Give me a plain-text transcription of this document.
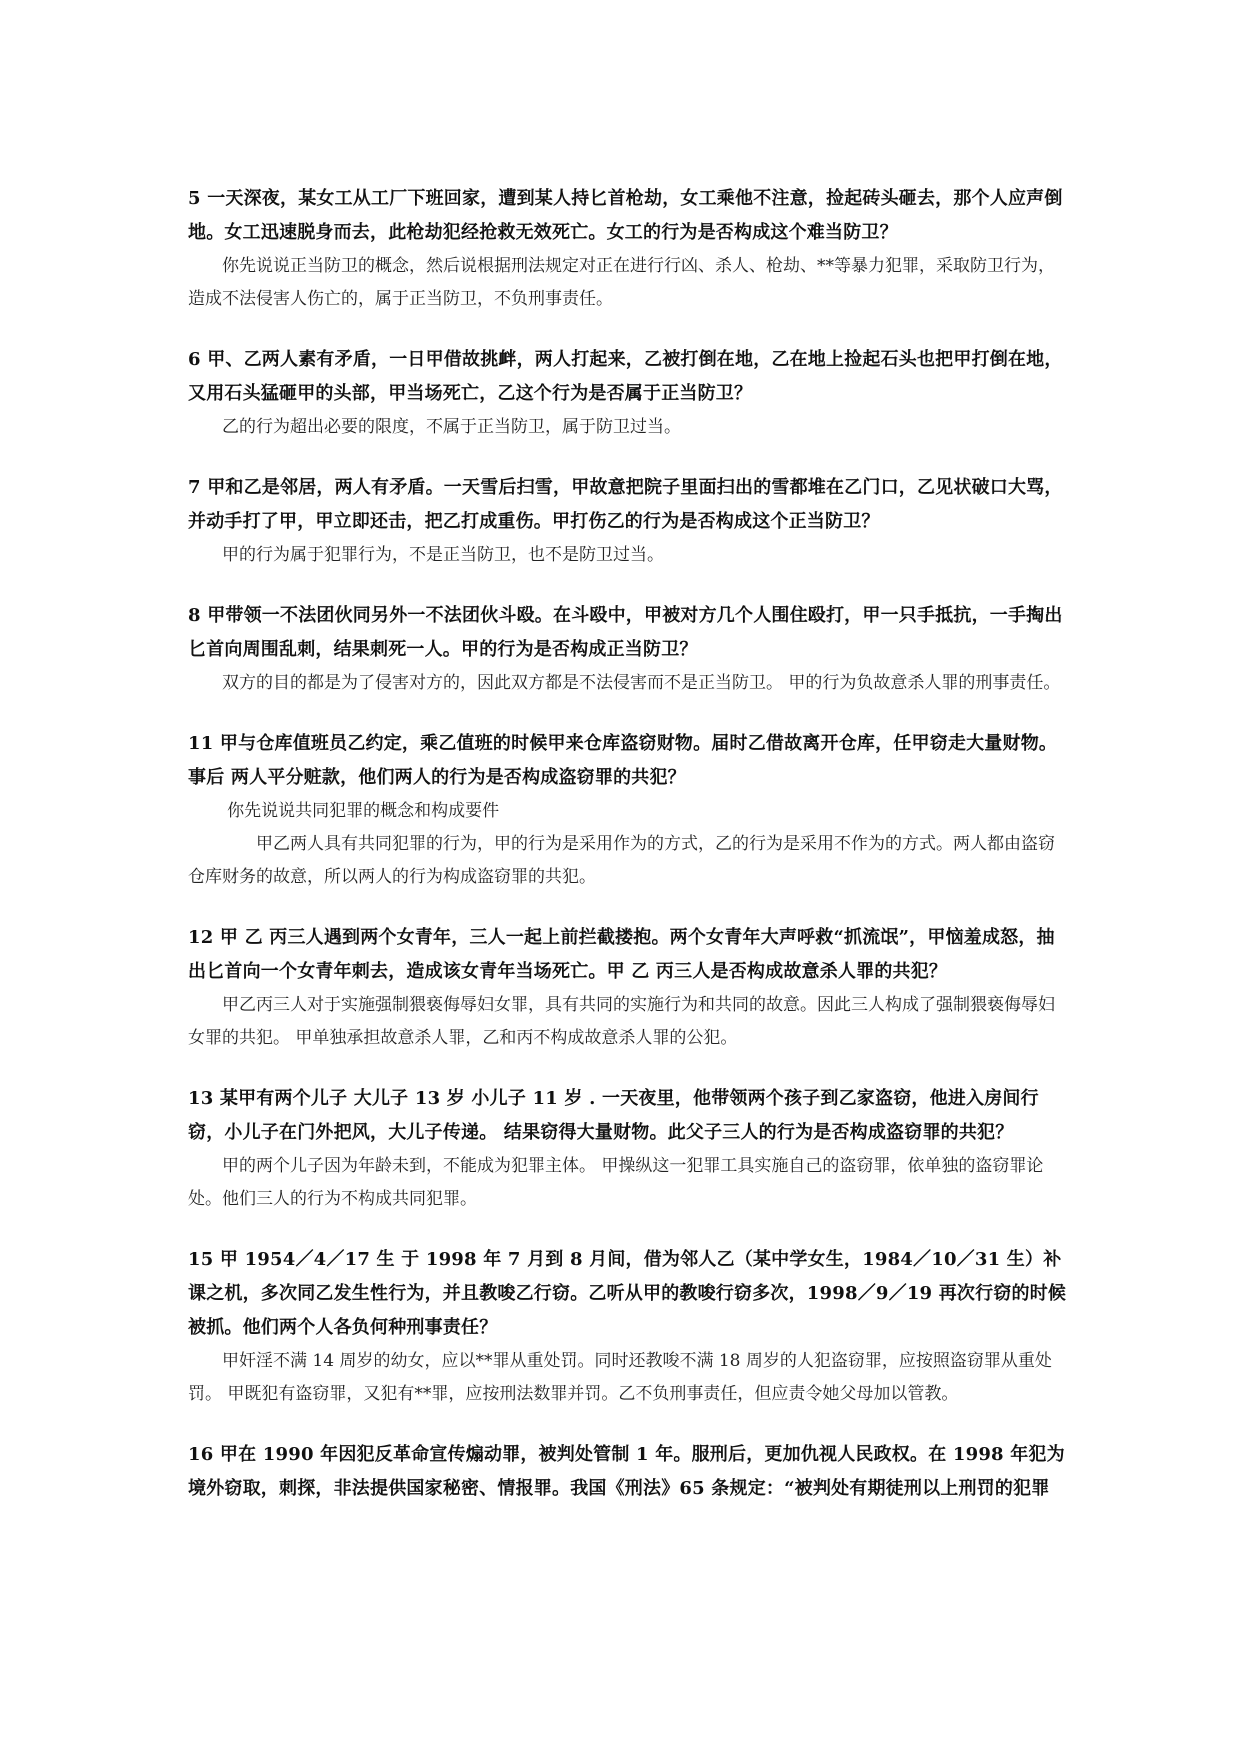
5 一天深夜，某女工从工厂下班回家，遭到某人持匕首枪劫，女工乘他不注意，捡起砖头砸去，那个人应声倒地。女工迅速脱身而去，此枪劫犯经抢救无效死亡。女工的行为是否构成这个难当防卫？

你先说说正当防卫的概念，然后说根据刑法规定对正在进行行凶、杀人、枪劫、**等暴力犯罪，采取防卫行为，造成不法侵害人伤亡的，属于正当防卫，不负刑事责任。

6 甲、乙两人素有矛盾，一日甲借故挑衅，两人打起来，乙被打倒在地，乙在地上捡起石头也把甲打倒在地，又用石头猛砸甲的头部，甲当场死亡，乙这个行为是否属于正当防卫？

乙的行为超出必要的限度，不属于正当防卫，属于防卫过当。

7 甲和乙是邻居，两人有矛盾。一天雪后扫雪，甲故意把院子里面扫出的雪都堆在乙门口，乙见状破口大骂，并动手打了甲，甲立即还击，把乙打成重伤。甲打伤乙的行为是否构成这个正当防卫？

甲的行为属于犯罪行为，不是正当防卫，也不是防卫过当。

8 甲带领一不法团伙同另外一不法团伙斗殴。在斗殴中，甲被对方几个人围住殴打，甲一只手抵抗，一手掏出匕首向周围乱刺，结果刺死一人。甲的行为是否构成正当防卫？

双方的目的都是为了侵害对方的，因此双方都是不法侵害而不是正当防卫。 甲的行为负故意杀人罪的刑事责任。

11 甲与仓库值班员乙约定，乘乙值班的时候甲来仓库盗窃财物。届时乙借故离开仓库，任甲窃走大量财物。事后 两人平分赃款，他们两人的行为是否构成盗窃罪的共犯？

你先说说共同犯罪的概念和构成要件

甲乙两人具有共同犯罪的行为，甲的行为是采用作为的方式，乙的行为是采用不作为的方式。两人都由盗窃仓库财务的故意，所以两人的行为构成盗窃罪的共犯。

12 甲 乙 丙三人遇到两个女青年，三人一起上前拦截搂抱。两个女青年大声呼救“抓流氓”，甲恼羞成怒，抽出匕首向一个女青年刺去，造成该女青年当场死亡。甲 乙 丙三人是否构成故意杀人罪的共犯？

甲乙丙三人对于实施强制猥亵侮辱妇女罪，具有共同的实施行为和共同的故意。因此三人构成了强制猥亵侮辱妇女罪的共犯。 甲单独承担故意杀人罪，乙和丙不构成故意杀人罪的公犯。

13 某甲有两个儿子 大儿子 13 岁 小儿子 11 岁 . 一天夜里，他带领两个孩子到乙家盗窃，他进入房间行窃，小儿子在门外把风，大儿子传递。 结果窃得大量财物。此父子三人的行为是否构成盗窃罪的共犯？

甲的两个儿子因为年龄未到，不能成为犯罪主体。 甲操纵这一犯罪工具实施自己的盗窃罪，依单独的盗窃罪论处。他们三人的行为不构成共同犯罪。

15 甲 1954／4／17 生 于 1998 年 7 月到 8 月间，借为邻人乙（某中学女生，1984／10／31 生）补课之机，多次同乙发生性行为，并且教唆乙行窃。乙听从甲的教唆行窃多次，1998／9／19 再次行窃的时候被抓。他们两个人各负何种刑事责任？

甲奸淫不满 14 周岁的幼女，应以**罪从重处罚。同时还教唆不满 18 周岁的人犯盗窃罪，应按照盗窃罪从重处罚。 甲既犯有盗窃罪，又犯有**罪，应按刑法数罪并罚。乙不负刑事责任，但应责令她父母加以管教。

16 甲在 1990 年因犯反革命宣传煽动罪，被判处管制 1 年。服刑后，更加仇视人民政权。在 1998 年犯为境外窃取，刺探，非法提供国家秘密、情报罪。我国《刑法》65 条规定：“被判处有期徒刑以上刑罚的犯罪
